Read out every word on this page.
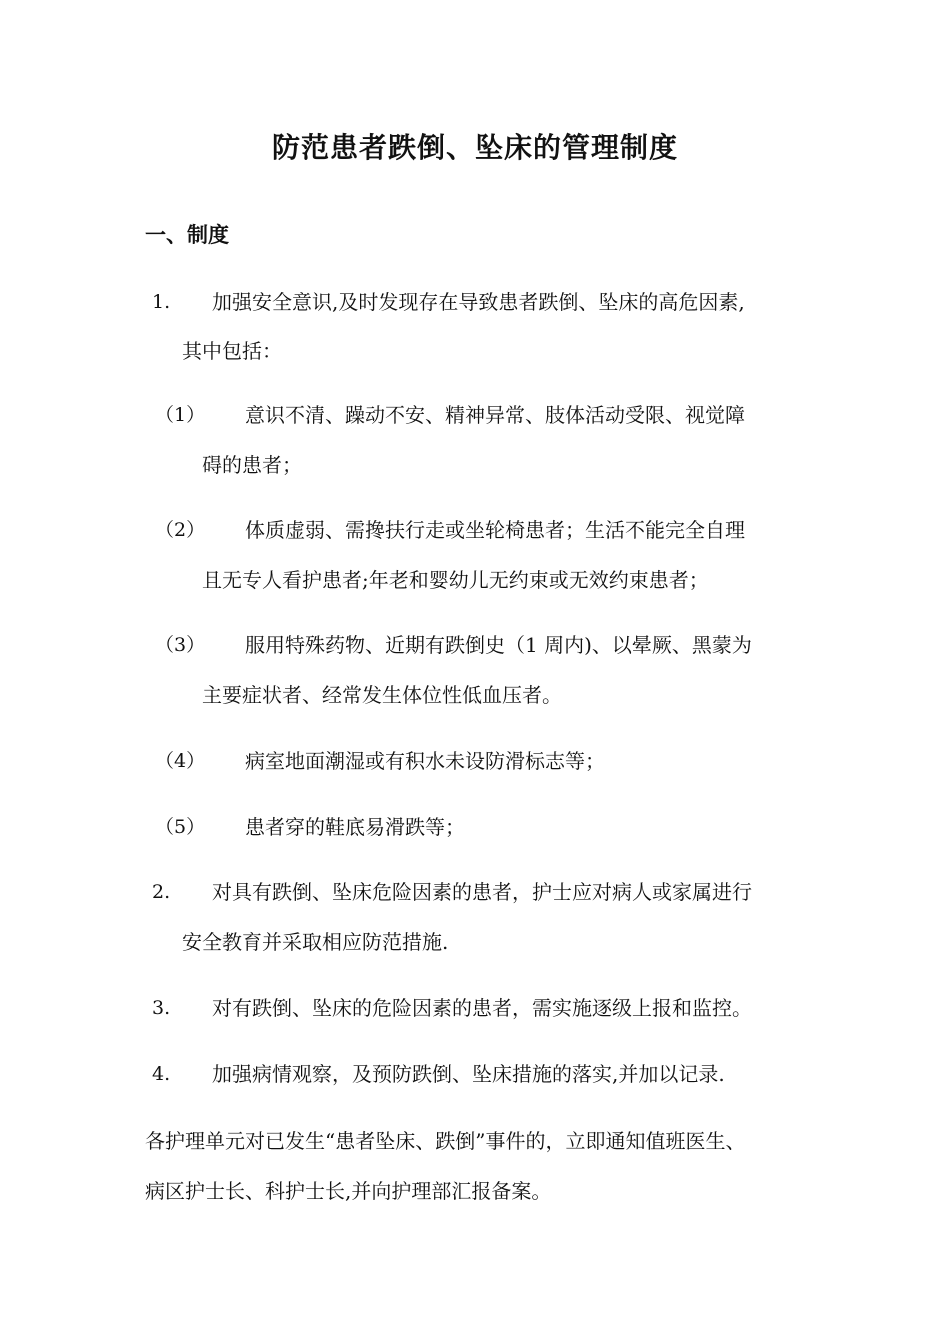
防范患者跌倒、坠床的管理制度
一、制度
1. 加强安全意识,及时发现存在导致患者跌倒、坠床的高危因素,
其中包括：
（1） 意识不清、躁动不安、精神异常、肢体活动受限、视觉障
碍的患者；
（2） 体质虚弱、需搀扶行走或坐轮椅患者；生活不能完全自理
且无专人看护患者;年老和婴幼儿无约束或无效约束患者；
（3） 服用特殊药物、近期有跌倒史（1 周内)、以晕厥、黑蒙为
主要症状者、经常发生体位性低血压者。
（4） 病室地面潮湿或有积水未设防滑标志等；
（5） 患者穿的鞋底易滑跌等；
2. 对具有跌倒、坠床危险因素的患者，护士应对病人或家属进行
安全教育并采取相应防范措施.
3. 对有跌倒、坠床的危险因素的患者，需实施逐级上报和监控。
4. 加强病情观察，及预防跌倒、坠床措施的落实,并加以记录.
各护理单元对已发生“患者坠床、跌倒”事件的，立即通知值班医生、
病区护士长、科护士长,并向护理部汇报备案。
